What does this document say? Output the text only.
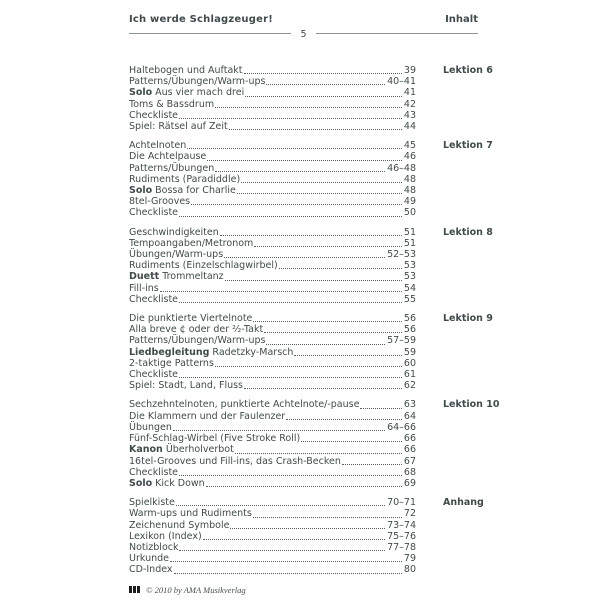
Ich werde Schlagzeuger!	Inhalt
5
Lektion 6
Haltebogen und Auftakt	39
Patterns/Übungen/Warm-ups	40–41
Solo Aus vier mach drei	41
Toms & Bassdrum	42
Checkliste	43
Spiel: Rätsel auf Zeit	44
Lektion 7
Achtelnoten	45
Die Achtelpause	46
Patterns/Übungen	46–48
Rudiments (Paradiddle)	48
Solo Bossa for Charlie	48
8tel-Grooves	49
Checkliste	50
Lektion 8
Geschwindigkeiten	51
Tempoangaben/Metronom	51
Übungen/Warm-ups	52–53
Rudiments (Einzelschlagwirbel)	53
Duett Trommeltanz	53
Fill-ins	54
Checkliste	55
Lektion 9
Die punktierte Viertelnote	56
Alla breve ¢ oder der ²⁄₂-Takt	56
Patterns/Übungen/Warm-ups	57–59
Liedbegleitung Radetzky-Marsch	59
2-taktige Patterns	60
Checkliste	61
Spiel: Stadt, Land, Fluss	62
Lektion 10
Sechzehntelnoten, punktierte Achtelnote/-pause	63
Die Klammern und der Faulenzer	64
Übungen	64–66
Fünf-Schlag-Wirbel (Five Stroke Roll)	66
Kanon Überholverbot	66
16tel-Grooves und Fill-ins, das Crash-Becken	67
Checkliste	68
Solo Kick Down	69
Anhang
Spielkiste	70–71
Warm-ups und Rudiments	72
Zeichenund Symbole	73–74
Lexikon (Index)	75–76
Notizblock	77–78
Urkunde	79
CD-Index	80
© 2010 by AMA Musikverlag
